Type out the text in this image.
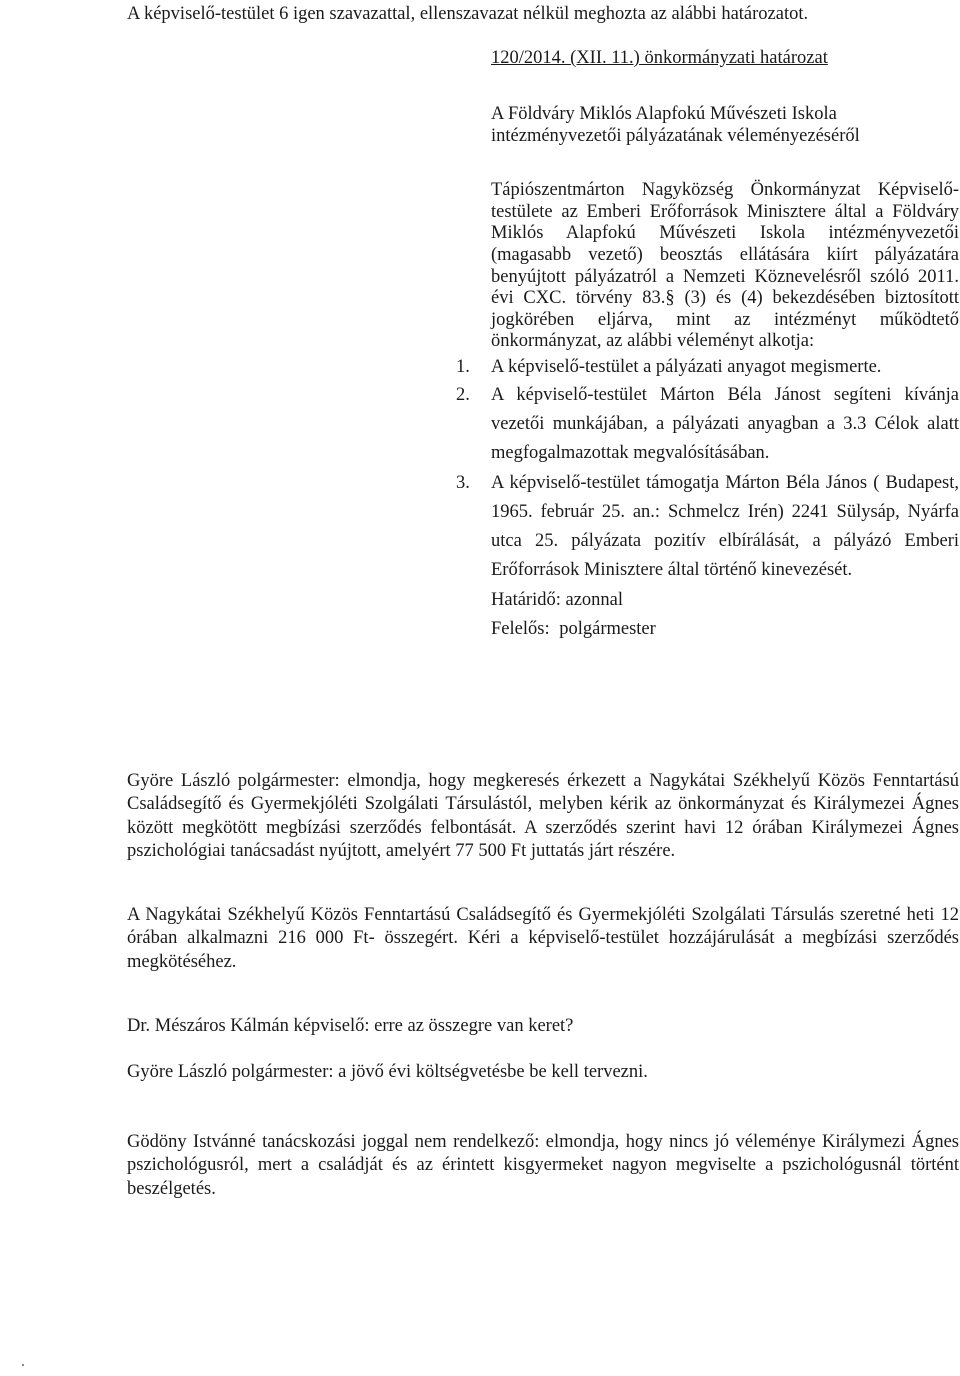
A képviselő-testület 6 igen szavazattal, ellenszavazat nélkül meghozta az alábbi határozatot.

120/2014. (XII. 11.) önkormányzati határozat

A Földváry Miklós Alapfokú Művészeti Iskola intézményvezetői pályázatának véleményezéséről

Tápiószentmárton Nagyközség Önkormányzat Képviselő-testülete az Emberi Erőforrások Minisztere által a Földváry Miklós Alapfokú Művészeti Iskola intézményvezetői (magasabb vezető) beosztás ellátására kiírt pályázatára benyújtott pályázatról a Nemzeti Köznevelésről szóló 2011. évi CXC. törvény 83.§ (3) és (4) bekezdésében biztosított jogkörében eljárva, mint az intézményt működtető önkormányzat, az alábbi véleményt alkotja:

1. A képviselő-testület a pályázati anyagot megismerte.
2. A képviselő-testület Márton Béla Jánost segíteni kívánja vezetői munkájában, a pályázati anyagban a 3.3 Célok alatt megfogalmazottak megvalósításában.
3. A képviselő-testület támogatja Márton Béla János ( Budapest, 1965. február 25. an.: Schmelcz Irén) 2241 Sülysáp, Nyárfa utca 25. pályázata pozitív elbírálását, a pályázó Emberi Erőforrások Minisztere által történő kinevezését.

Határidő: azonnal

Felelős: polgármester

Györe László polgármester: elmondja, hogy megkeresés érkezett a Nagykátai Székhelyű Közös Fenntartású Családsegítő és Gyermekjóléti Szolgálati Társulástól, melyben kérik az önkormányzat és Királymezei Ágnes között megkötött megbízási szerződés felbontását. A szerződés szerint havi 12 órában Királymezei Ágnes pszichológiai tanácsadást nyújtott, amelyért 77 500 Ft juttatás járt részére.

A Nagykátai Székhelyű Közös Fenntartású Családsegítő és Gyermekjóléti Szolgálati Társulás szeretné heti 12 órában alkalmazni 216 000 Ft- összegért. Kéri a képviselő-testület hozzájárulását a megbízási szerződés megkötéséhez.

Dr. Mészáros Kálmán képviselő: erre az összegre van keret?

Györe László polgármester: a jövő évi költségvetésbe be kell tervezni.

Gödöny Istvánné tanácskozási joggal nem rendelkező: elmondja, hogy nincs jó véleménye Királymezi Ágnes pszichológusról, mert a családját és az érintett kisgyermeket nagyon megviselte a pszichológusnál történt beszélgetés.
